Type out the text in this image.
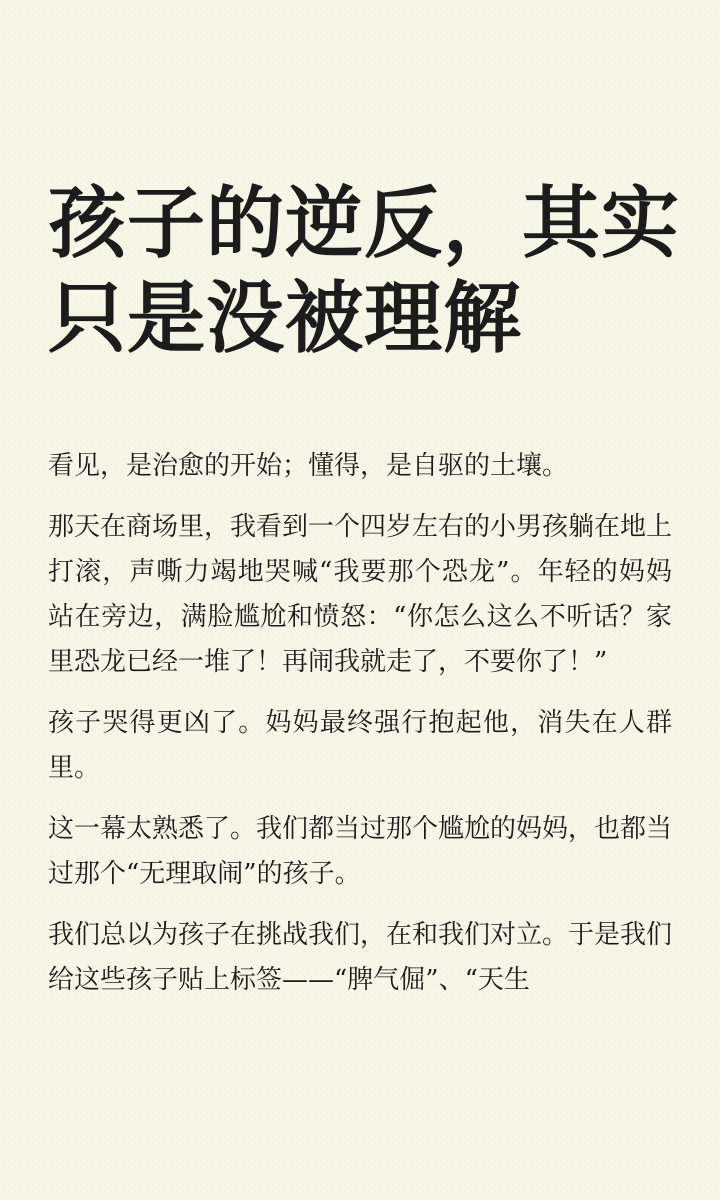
孩子的逆反，其实
只是没被理解

看见，是治愈的开始；懂得，是自驱的土壤。

那天在商场里，我看到一个四岁左右的小男孩躺在地上打滚，声嘶力竭地哭喊“我要那个恐龙”。年轻的妈妈站在旁边，满脸尴尬和愤怒：“你怎么这么不听话？家里恐龙已经一堆了！再闹我就走了，不要你了！”

孩子哭得更凶了。妈妈最终强行抱起他，消失在人群里。

这一幕太熟悉了。我们都当过那个尴尬的妈妈，也都当过那个“无理取闹”的孩子。

我们总以为孩子在挑战我们，在和我们对立。于是我们给这些孩子贴上标签——“脾气倔”、“天生
